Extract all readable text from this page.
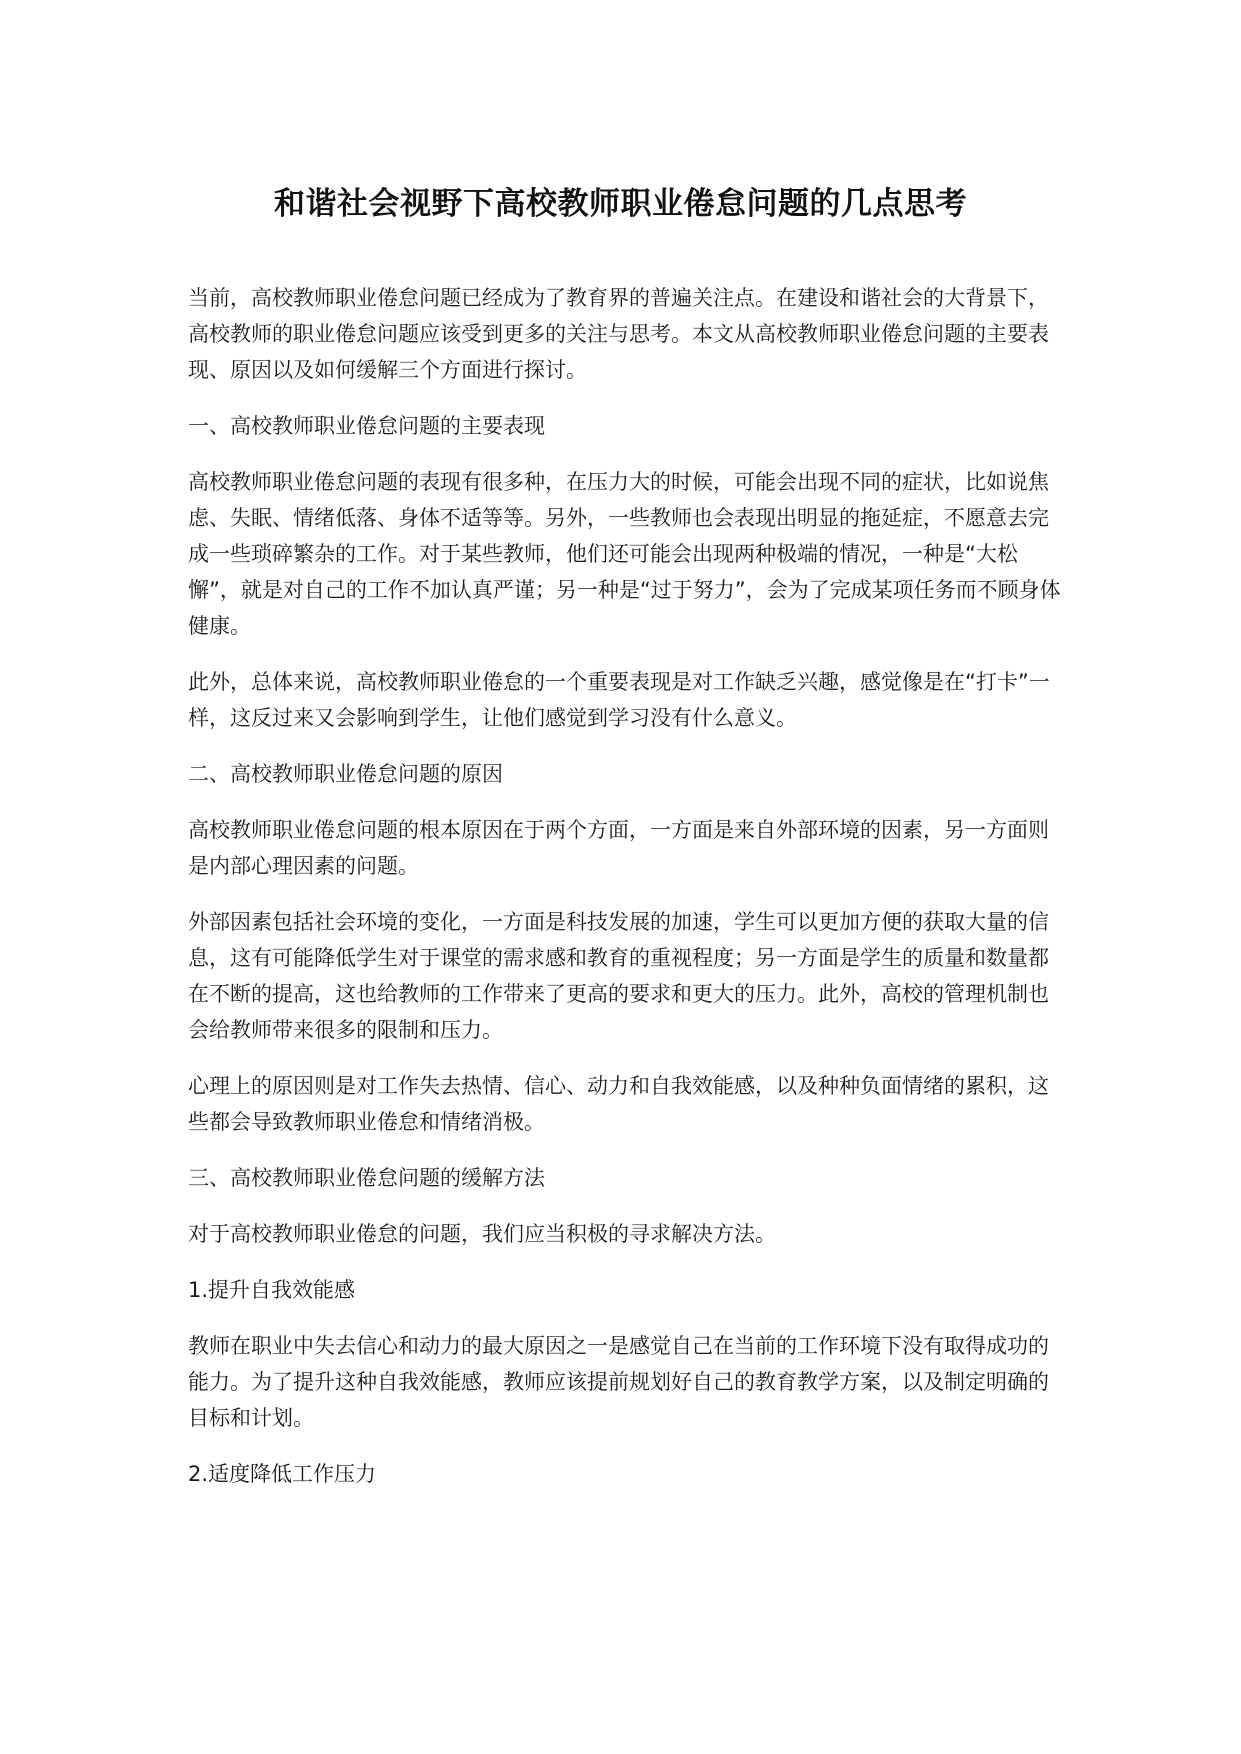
和谐社会视野下高校教师职业倦怠问题的几点思考

当前，高校教师职业倦怠问题已经成为了教育界的普遍关注点。在建设和谐社会的大背景下，高校教师的职业倦怠问题应该受到更多的关注与思考。本文从高校教师职业倦怠问题的主要表现、原因以及如何缓解三个方面进行探讨。

一、高校教师职业倦怠问题的主要表现

高校教师职业倦怠问题的表现有很多种，在压力大的时候，可能会出现不同的症状，比如说焦虑、失眠、情绪低落、身体不适等等。另外，一些教师也会表现出明显的拖延症，不愿意去完成一些琐碎繁杂的工作。对于某些教师，他们还可能会出现两种极端的情况，一种是“大松懈”，就是对自己的工作不加认真严谨；另一种是“过于努力”，会为了完成某项任务而不顾身体健康。

此外，总体来说，高校教师职业倦怠的一个重要表现是对工作缺乏兴趣，感觉像是在“打卡”一样，这反过来又会影响到学生，让他们感觉到学习没有什么意义。

二、高校教师职业倦怠问题的原因

高校教师职业倦怠问题的根本原因在于两个方面，一方面是来自外部环境的因素，另一方面则是内部心理因素的问题。

外部因素包括社会环境的变化，一方面是科技发展的加速，学生可以更加方便的获取大量的信息，这有可能降低学生对于课堂的需求感和教育的重视程度；另一方面是学生的质量和数量都在不断的提高，这也给教师的工作带来了更高的要求和更大的压力。此外，高校的管理机制也会给教师带来很多的限制和压力。

心理上的原因则是对工作失去热情、信心、动力和自我效能感，以及种种负面情绪的累积，这些都会导致教师职业倦怠和情绪消极。

三、高校教师职业倦怠问题的缓解方法

对于高校教师职业倦怠的问题，我们应当积极的寻求解决方法。

1.提升自我效能感

教师在职业中失去信心和动力的最大原因之一是感觉自己在当前的工作环境下没有取得成功的能力。为了提升这种自我效能感，教师应该提前规划好自己的教育教学方案，以及制定明确的目标和计划。

2.适度降低工作压力
